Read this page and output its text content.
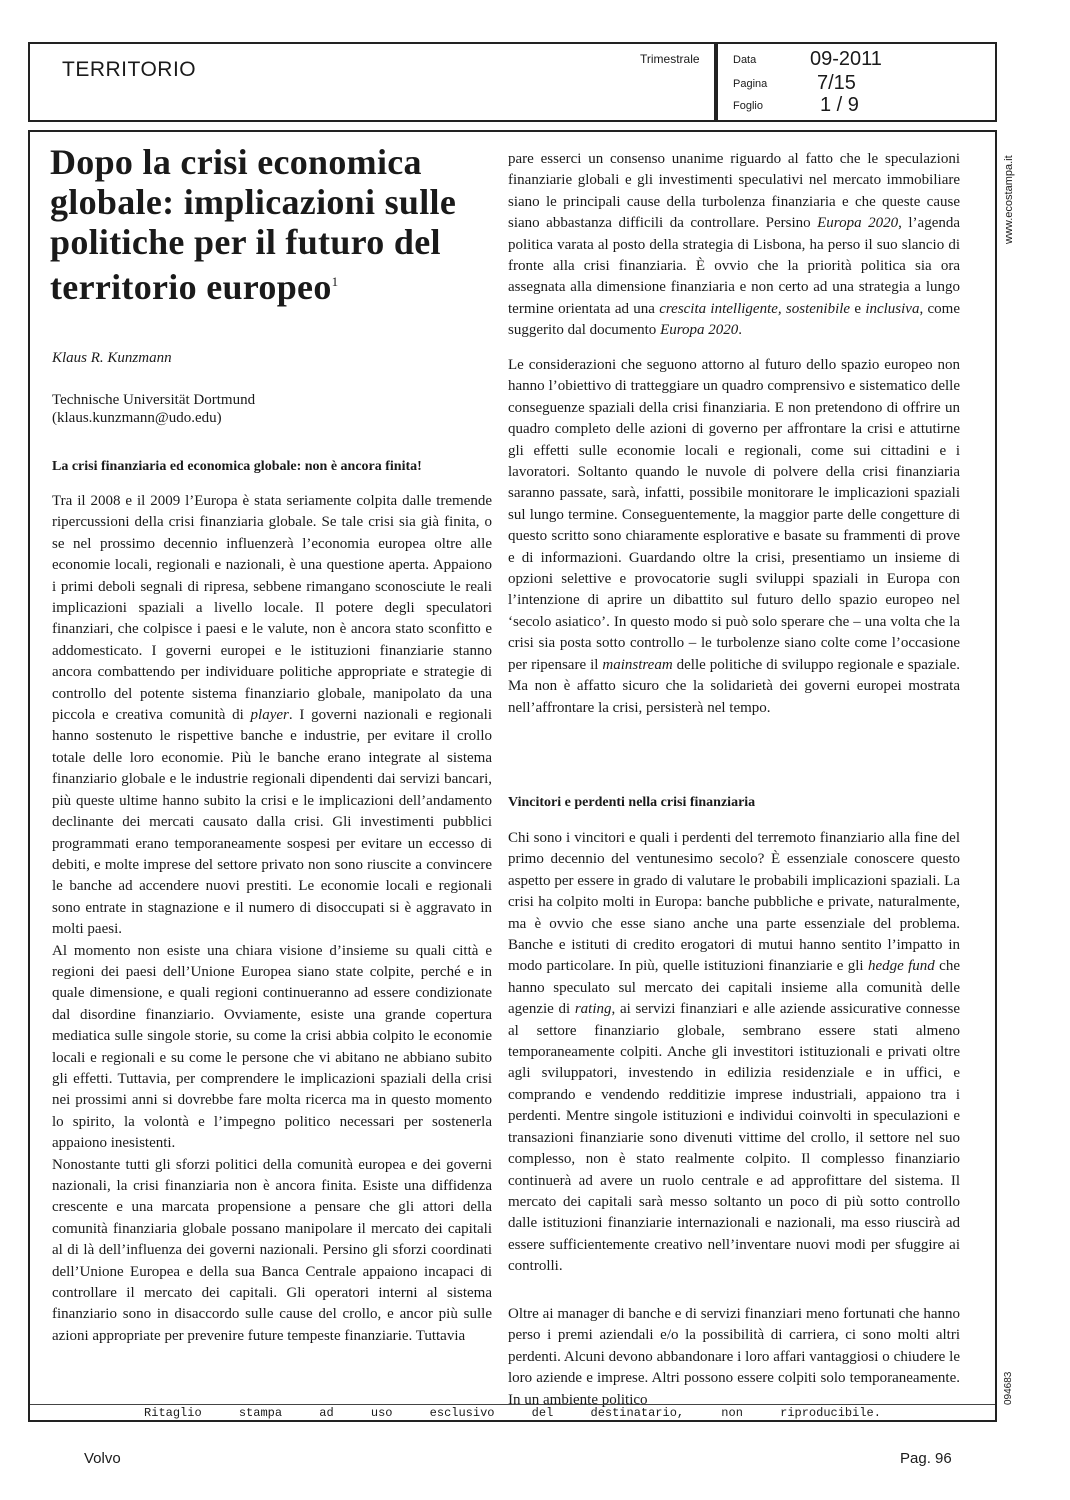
TERRITORIO	Trimestrale	Data	09-2011
Pagina 7/15
Foglio	1 / 9
Dopo la crisi economica globale: implicazioni sulle politiche per il futuro del territorio europeo$^1$
Klaus R. Kunzmann
Technische Universität Dortmund
(klaus.kunzmann@udo.edu)
La crisi finanziaria ed economica globale: non è ancora finita!

Tra il 2008 e il 2009 l’Europa è stata seriamente colpita dalle tremende ripercussioni della crisi finanziaria globale. Se tale crisi sia già finita, o se nel prossimo decennio influenzerà l’economia europea oltre alle economie locali, regionali e nazionali, è una questione aperta. Appaiono i primi deboli segnali di ripresa, sebbene rimangano sconosciute le reali implicazioni spaziali a livello locale. Il potere degli speculatori finanziari, che colpisce i paesi e le valute, non è ancora stato sconfitto e addomesticato. I governi europei e le istituzioni finanziarie stanno ancora combattendo per individuare politiche appropriate e strategie di controllo del potente sistema finanziario globale, manipolato da una piccola e creativa comunità di player. I governi nazionali e regionali hanno sostenuto le rispettive banche e industrie, per evitare il crollo totale delle loro economie. Più le banche erano integrate al sistema finanziario globale e le industrie regionali dipendenti dai servizi bancari, più queste ultime hanno subito la crisi e le implicazioni dell’andamento declinante dei mercati causato dalla crisi. Gli investimenti pubblici programmati erano temporaneamente sospesi per evitare un eccesso di debiti, e molte imprese del settore privato non sono riuscite a convincere le banche ad accendere nuovi prestiti. Le economie locali e regionali sono entrate in stagnazione e il numero di disoccupati si è aggravato in molti paesi.

Al momento non esiste una chiara visione d’insieme su quali città e regioni dei paesi dell’Unione Europea siano state colpite, perché e in quale dimensione, e quali regioni continueranno ad essere condizionate dal disordine finanziario. Ovviamente, esiste una grande copertura mediatica sulle singole storie, su come la crisi abbia colpito le economie locali e regionali e su come le persone che vi abitano ne abbiano subito gli effetti. Tuttavia, per comprendere le implicazioni spaziali della crisi nei prossimi anni si dovrebbe fare molta ricerca ma in questo momento lo spirito, la volontà e l’impegno politico necessari per sostenerla appaiono inesistenti.

Nonostante tutti gli sforzi politici della comunità europea e dei governi nazionali, la crisi finanziaria non è ancora finita. Esiste una diffidenza crescente e una marcata propensione a pensare che gli attori della comunità finanziaria globale possano manipolare il mercato dei capitali al di là dell’influenza dei governi nazionali. Persino gli sforzi coordinati dell’Unione Europea e della sua Banca Centrale appaiono incapaci di controllare il mercato dei capitali. Gli operatori interni al sistema finanziario sono in disaccordo sulle cause del crollo, e ancor più sulle azioni appropriate per prevenire future tempeste finanziarie. Tuttavia

pare esserci un consenso unanime riguardo al fatto che le speculazioni finanziarie globali e gli investimenti speculativi nel mercato immobiliare siano le principali cause della turbolenza finanziaria e che queste cause siano abbastanza difficili da controllare. Persino Europa 2020, l’agenda politica varata al posto della strategia di Lisbona, ha perso il suo slancio di fronte alla crisi finanziaria. È ovvio che la priorità politica sia ora assegnata alla dimensione finanziaria e non certo ad una strategia a lungo termine orientata ad una crescita intelligente, sostenibile e inclusiva, come suggerito dal documento Europa 2020.

Le considerazioni che seguono attorno al futuro dello spazio europeo non hanno l’obiettivo di tratteggiare un quadro comprensivo e sistematico delle conseguenze spaziali della crisi finanziaria. E non pretendono di offrire un quadro completo delle azioni di governo per affrontare la crisi e attutirne gli effetti sulle economie locali e regionali, come sui cittadini e i lavoratori. Soltanto quando le nuvole di polvere della crisi finanziaria saranno passate, sarà, infatti, possibile monitorare le implicazioni spaziali sul lungo termine. Conseguentemente, la maggior parte delle congetture di questo scritto sono chiaramente esplorative e basate su frammenti di prove e di informazioni. Guardando oltre la crisi, presentiamo un insieme di opzioni selettive e provocatorie sugli sviluppi spaziali in Europa con l’intenzione di aprire un dibattito sul futuro dello spazio europeo nel ‘secolo asiatico’. In questo modo si può solo sperare che – una volta che la crisi sia posta sotto controllo – le turbolenze siano colte come l’occasione per ripensare il mainstream delle politiche di sviluppo regionale e spaziale. Ma non è affatto sicuro che la solidarietà dei governi europei mostrata nell’affrontare la crisi, persisterà nel tempo.

Vincitori e perdenti nella crisi finanziaria

Chi sono i vincitori e quali i perdenti del terremoto finanziario alla fine del primo decennio del ventunesimo secolo? È essenziale conoscere questo aspetto per essere in grado di valutare le probabili implicazioni spaziali. La crisi ha colpito molti in Europa: banche pubbliche e private, naturalmente, ma è ovvio che esse siano anche una parte essenziale del problema. Banche e istituti di credito erogatori di mutui hanno sentito l’impatto in modo particolare. In più, quelle istituzioni finanziarie e gli hedge fund che hanno speculato sul mercato dei capitali insieme alla comunità delle agenzie di rating, ai servizi finanziari e alle aziende assicurative connesse al settore finanziario globale, sembrano essere stati almeno temporaneamente colpiti. Anche gli investitori istituzionali e privati oltre agli sviluppatori, investendo in edilizia residenziale e in uffici, e comprando e vendendo redditizie imprese industriali, appaiono tra i perdenti. Mentre singole istituzioni e individui coinvolti in speculazioni e transazioni finanziarie sono divenuti vittime del crollo, il settore nel suo complesso, non è stato realmente colpito. Il complesso finanziario continuerà ad avere un ruolo centrale e ad approfittare del sistema. Il mercato dei capitali sarà messo soltanto un poco di più sotto controllo dalle istituzioni finanziarie internazionali e nazionali, ma esso riuscirà ad essere sufficientemente creativo nell’inventare nuovi modi per sfuggire ai controlli.

Oltre ai manager di banche e di servizi finanziari meno fortunati che hanno perso i premi aziendali e/o la possibilità di carriera, ci sono molti altri perdenti. Alcuni devono abbandonare i loro affari vantaggiosi o chiudere le loro aziende e imprese. Altri possono essere colpiti solo temporaneamente. In un ambiente politico

Ritaglio stampa ad uso esclusivo del destinatario, non riproducibile.
www.ecostampa.it
094683
Volvo	Pag. 96
